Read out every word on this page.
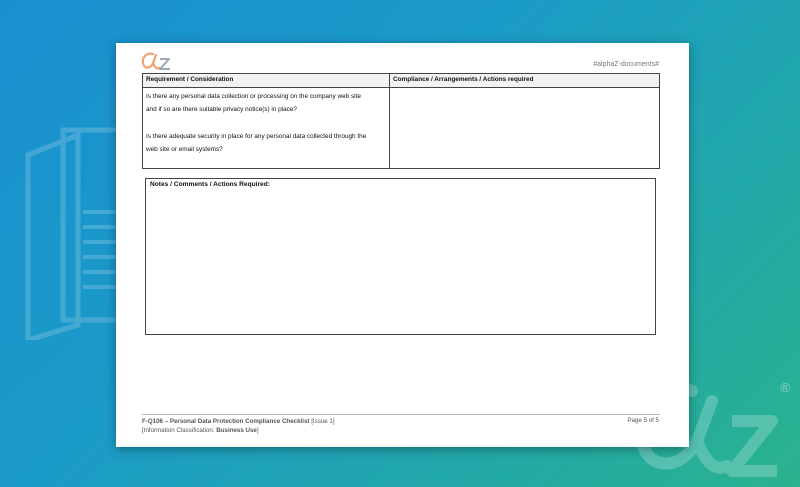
®
#alphaZ-documents#
Requirement / Consideration	Compliance / Arrangements / Actions required

Is there any personal data collection or processing on the company web site
and if so are there suitable privacy notice(s) in place?
Is there adequate security in place for any personal data collected through the
web site or email systems?	

Notes / Comments / Actions Required:
F-Q106 – Personal Data Protection Compliance Checklist [Issue 1]
[Information Classification: Business Use]
Page 5 of 5
